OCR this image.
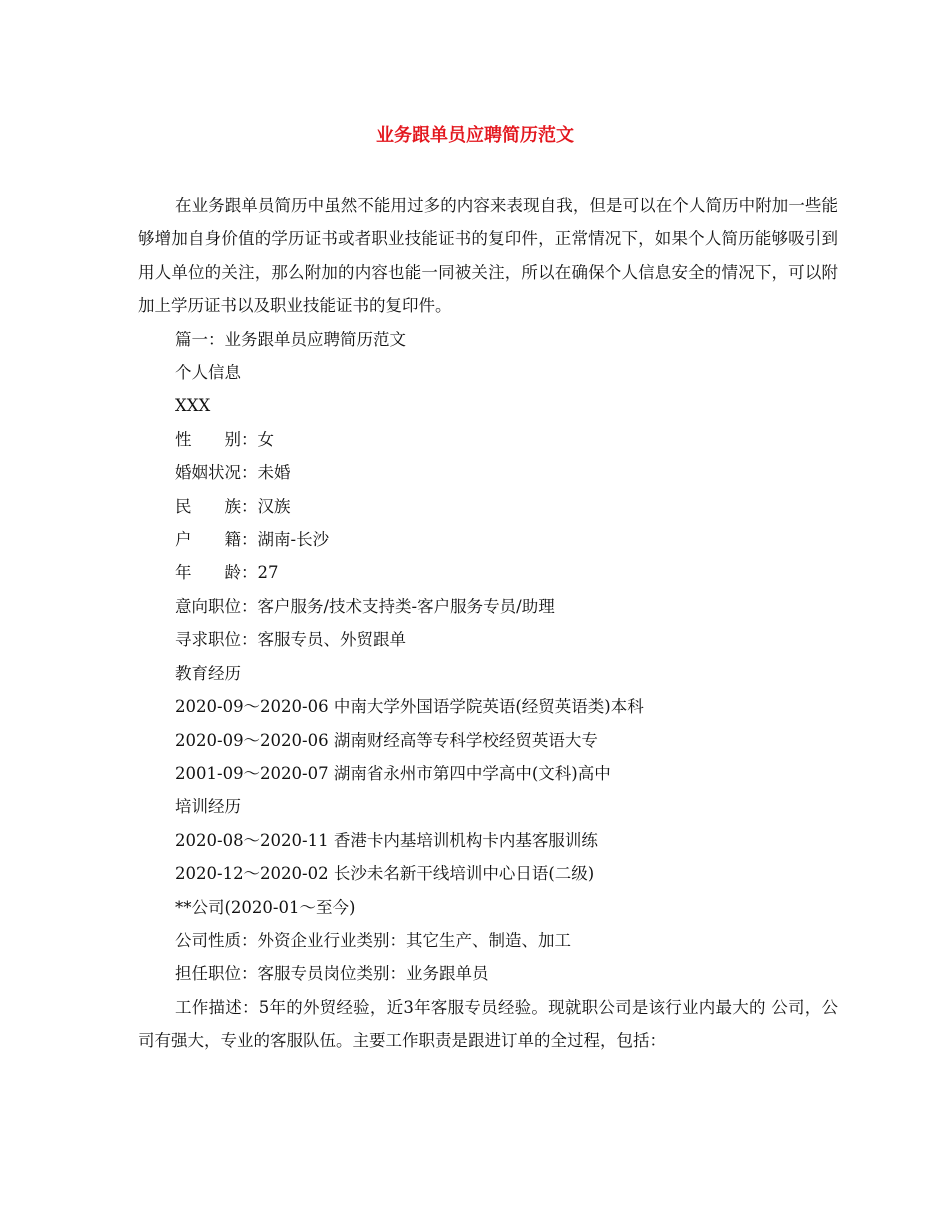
业务跟单员应聘简历范文

在业务跟单员简历中虽然不能用过多的内容来表现自我，但是可以在个人简历中附加一些能够增加自身价值的学历证书或者职业技能证书的复印件，正常情况下，如果个人简历能够吸引到用人单位的关注，那么附加的内容也能一同被关注，所以在确保个人信息安全的情况下，可以附加上学历证书以及职业技能证书的复印件。

篇一：业务跟单员应聘简历范文

个人信息

XXX

性　　别：女

婚姻状况：未婚

民　　族：汉族

户　　籍：湖南-长沙

年　　龄：27

意向职位：客户服务/技术支持类-客户服务专员/助理

寻求职位：客服专员、外贸跟单

教育经历

2020-09～2020-06 中南大学外国语学院英语(经贸英语类)本科

2020-09～2020-06 湖南财经高等专科学校经贸英语大专

2001-09～2020-07 湖南省永州市第四中学高中(文科)高中

培训经历

2020-08～2020-11 香港卡内基培训机构卡内基客服训练

2020-12～2020-02 长沙未名新干线培训中心日语(二级)

**公司(2020-01～至今)

公司性质：外资企业行业类别：其它生产、制造、加工

担任职位：客服专员岗位类别：业务跟单员

工作描述：5年的外贸经验，近3年客服专员经验。现就职公司是该行业内最大的 公司，公司有强大，专业的客服队伍。主要工作职责是跟进订单的全过程，包括：
